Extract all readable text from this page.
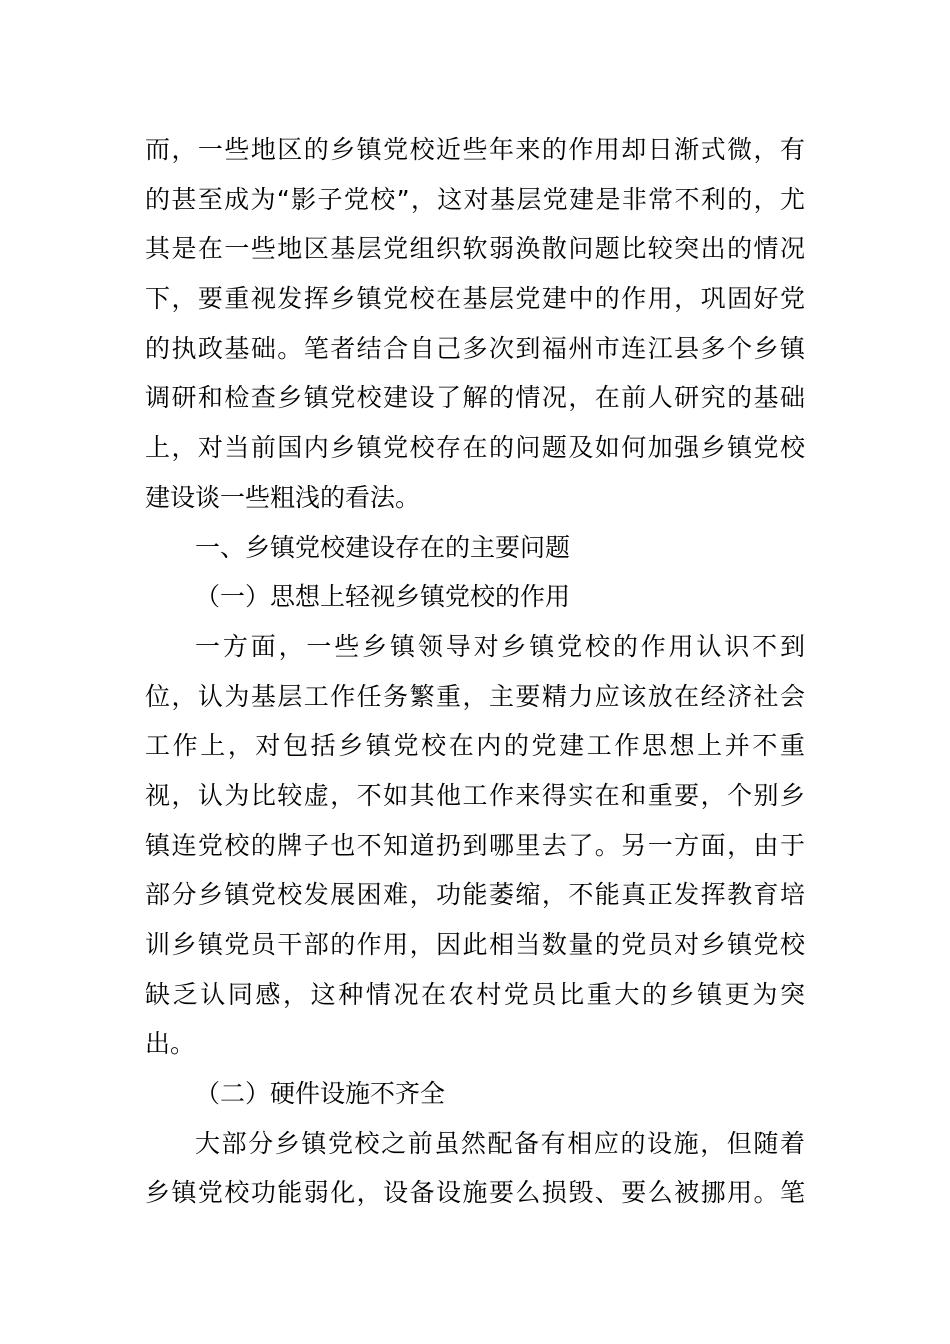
而，一些地区的乡镇党校近些年来的作用却日渐式微，有
的甚至成为“影子党校”，这对基层党建是非常不利的，尤
其是在一些地区基层党组织软弱涣散问题比较突出的情况
下，要重视发挥乡镇党校在基层党建中的作用，巩固好党
的执政基础。笔者结合自己多次到福州市连江县多个乡镇
调研和检查乡镇党校建设了解的情况，在前人研究的基础
上，对当前国内乡镇党校存在的问题及如何加强乡镇党校
建设谈一些粗浅的看法。
一、乡镇党校建设存在的主要问题
（一）思想上轻视乡镇党校的作用
一方面，一些乡镇领导对乡镇党校的作用认识不到
位，认为基层工作任务繁重，主要精力应该放在经济社会
工作上，对包括乡镇党校在内的党建工作思想上并不重
视，认为比较虚，不如其他工作来得实在和重要，个别乡
镇连党校的牌子也不知道扔到哪里去了。另一方面，由于
部分乡镇党校发展困难，功能萎缩，不能真正发挥教育培
训乡镇党员干部的作用，因此相当数量的党员对乡镇党校
缺乏认同感，这种情况在农村党员比重大的乡镇更为突
出。
（二）硬件设施不齐全
大部分乡镇党校之前虽然配备有相应的设施，但随着
乡镇党校功能弱化，设备设施要么损毁、要么被挪用。笔
